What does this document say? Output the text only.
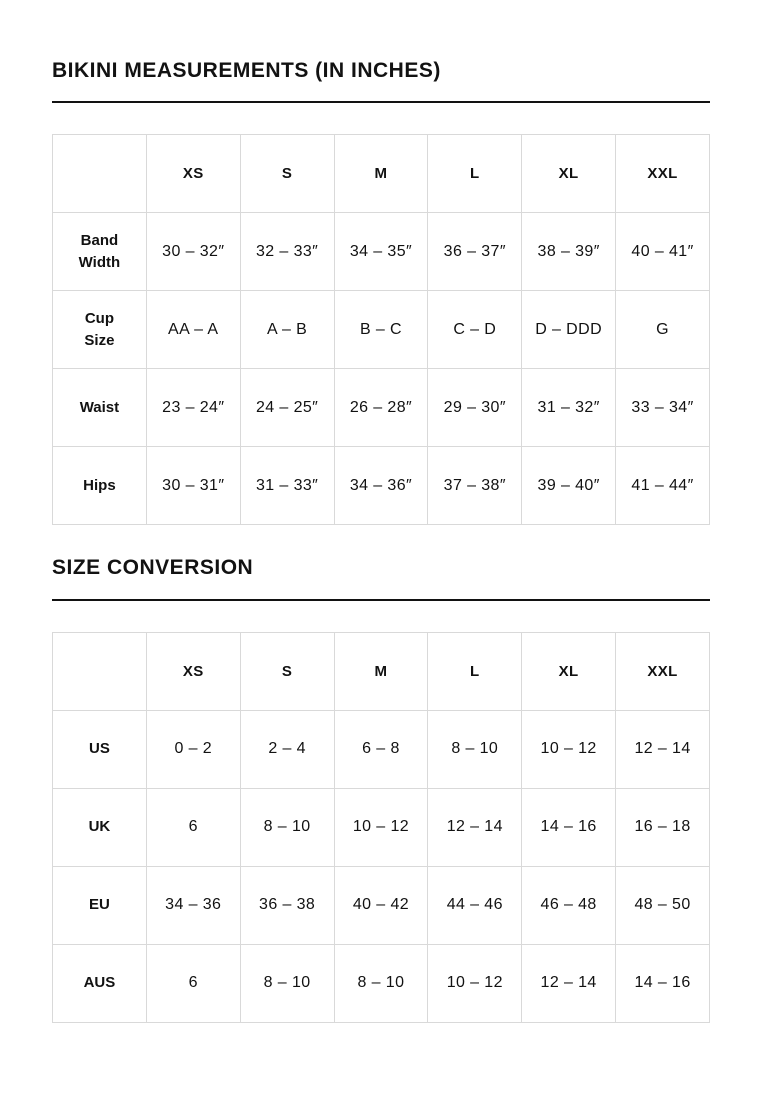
BIKINI MEASUREMENTS (IN INCHES)
	XS	S	M	L	XL	XXL
Band Width	30 – 32″	32 – 33″	34 – 35″	36 – 37″	38 – 39″	40 – 41″
Cup Size	AA – A	A – B	B – C	C – D	D – DDD	G
Waist	23 – 24″	24 – 25″	26 – 28″	29 – 30″	31 – 32″	33 – 34″
Hips	30 – 31″	31 – 33″	34 – 36″	37 – 38″	39 – 40″	41 – 44″
SIZE CONVERSION
	XS	S	M	L	XL	XXL
US	0 – 2	2 – 4	6 – 8	8 – 10	10 – 12	12 – 14
UK	6	8 – 10	10 – 12	12 – 14	14 – 16	16 – 18
EU	34 – 36	36 – 38	40 – 42	44 – 46	46 – 48	48 – 50
AUS	6	8 – 10	8 – 10	10 – 12	12 – 14	14 – 16
